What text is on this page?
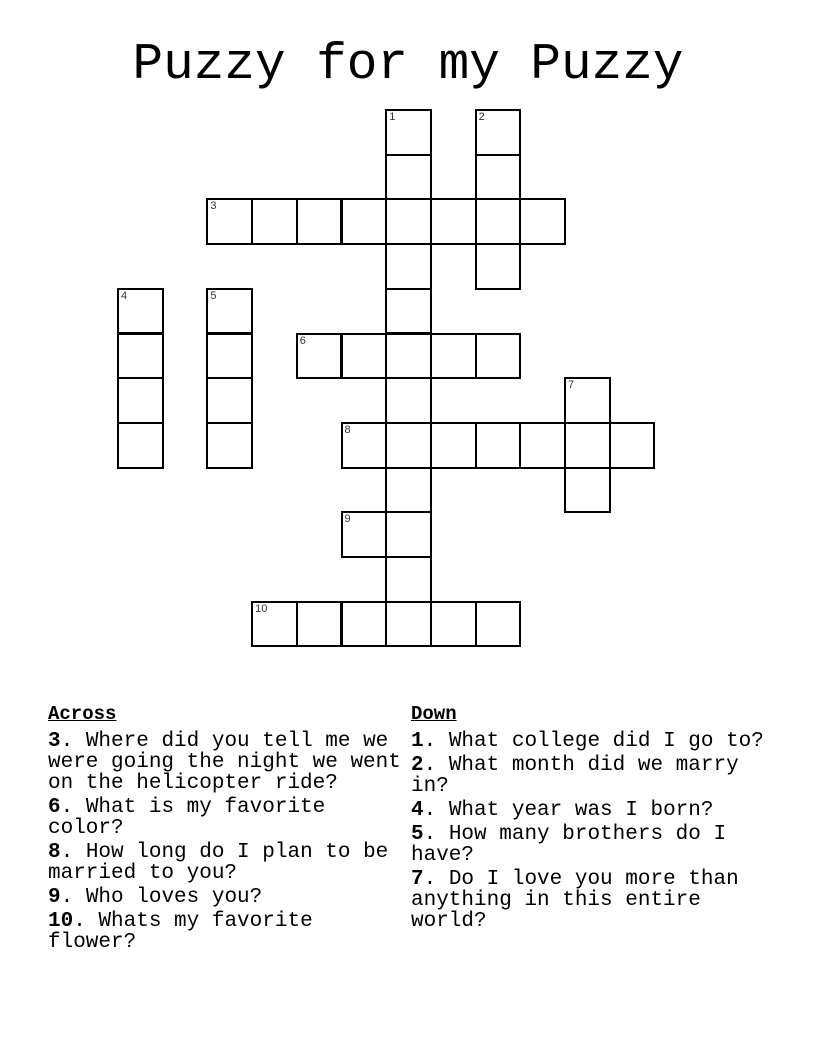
Puzzy for my Puzzy
1	2
3
4	5
6
7
8
9
10
Across
3. Where did you tell me we were going the night we went on the helicopter ride?
6. What is my favorite color?
8. How long do I plan to be married to you?
9. Who loves you?
10. Whats my favorite flower?
Down
1. What college did I go to?
2. What month did we marry in?
4. What year was I born?
5. How many brothers do I have?
7. Do I love you more than anything in this entire world?
